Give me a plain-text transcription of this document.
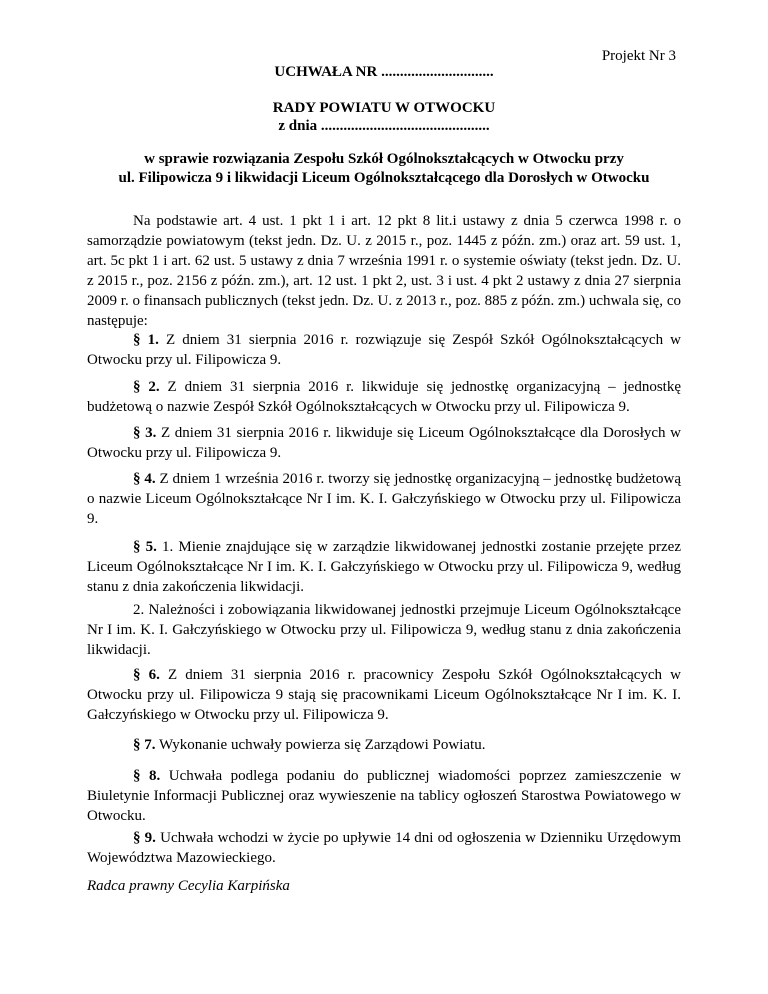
Projekt Nr 3
UCHWAŁA NR ..............................
RADY POWIATU W OTWOCKU
z dnia .............................................
w sprawie rozwiązania Zespołu Szkół Ogólnokształcących w Otwocku przy
ul. Filipowicza 9 i likwidacji Liceum Ogólnokształcącego dla Dorosłych w Otwocku

Na podstawie art. 4 ust. 1 pkt 1 i art. 12 pkt 8 lit.i ustawy z dnia 5 czerwca 1998 r. o samorządzie powiatowym (tekst jedn. Dz. U. z 2015 r., poz. 1445 z późn. zm.) oraz art. 59 ust. 1, art. 5c pkt 1 i art. 62 ust. 5 ustawy z dnia 7 września 1991 r. o systemie oświaty (tekst jedn. Dz. U. z 2015 r., poz. 2156 z późn. zm.), art. 12 ust. 1 pkt 2, ust. 3 i ust. 4 pkt 2 ustawy z dnia 27 sierpnia 2009 r. o finansach publicznych (tekst jedn. Dz. U. z 2013 r., poz. 885 z późn. zm.) uchwala się, co następuje:

§ 1. Z dniem 31 sierpnia 2016 r. rozwiązuje się Zespół Szkół Ogólnokształcących w Otwocku przy ul. Filipowicza 9.

§ 2. Z dniem 31 sierpnia 2016 r. likwiduje się jednostkę organizacyjną – jednostkę budżetową o nazwie Zespół Szkół Ogólnokształcących w Otwocku przy ul. Filipowicza 9.

§ 3. Z dniem 31 sierpnia 2016 r. likwiduje się Liceum Ogólnokształcące dla Dorosłych w Otwocku przy ul. Filipowicza 9.

§ 4. Z dniem 1 września 2016 r. tworzy się jednostkę organizacyjną – jednostkę budżetową o nazwie Liceum Ogólnokształcące Nr I im. K. I. Gałczyńskiego w Otwocku przy ul. Filipowicza 9.

§ 5. 1. Mienie znajdujące się w zarządzie likwidowanej jednostki zostanie przejęte przez Liceum Ogólnokształcące Nr I im. K. I. Gałczyńskiego w Otwocku przy ul. Filipowicza 9, według stanu z dnia zakończenia likwidacji.

2. Należności i zobowiązania likwidowanej jednostki przejmuje Liceum Ogólnokształcące Nr I im. K. I. Gałczyńskiego w Otwocku przy ul. Filipowicza 9, według stanu z dnia zakończenia likwidacji.

§ 6. Z dniem 31 sierpnia 2016 r. pracownicy Zespołu Szkół Ogólnokształcących w Otwocku przy ul. Filipowicza 9 stają się pracownikami Liceum Ogólnokształcące Nr I im. K. I. Gałczyńskiego w Otwocku przy ul. Filipowicza 9.

§ 7. Wykonanie uchwały powierza się Zarządowi Powiatu.

§ 8. Uchwała podlega podaniu do publicznej wiadomości poprzez zamieszczenie w Biuletynie Informacji Publicznej oraz wywieszenie na tablicy ogłoszeń Starostwa Powiatowego w Otwocku.

§ 9. Uchwała wchodzi w życie po upływie 14 dni od ogłoszenia w Dzienniku Urzędowym Województwa Mazowieckiego.

Radca prawny Cecylia Karpińska
